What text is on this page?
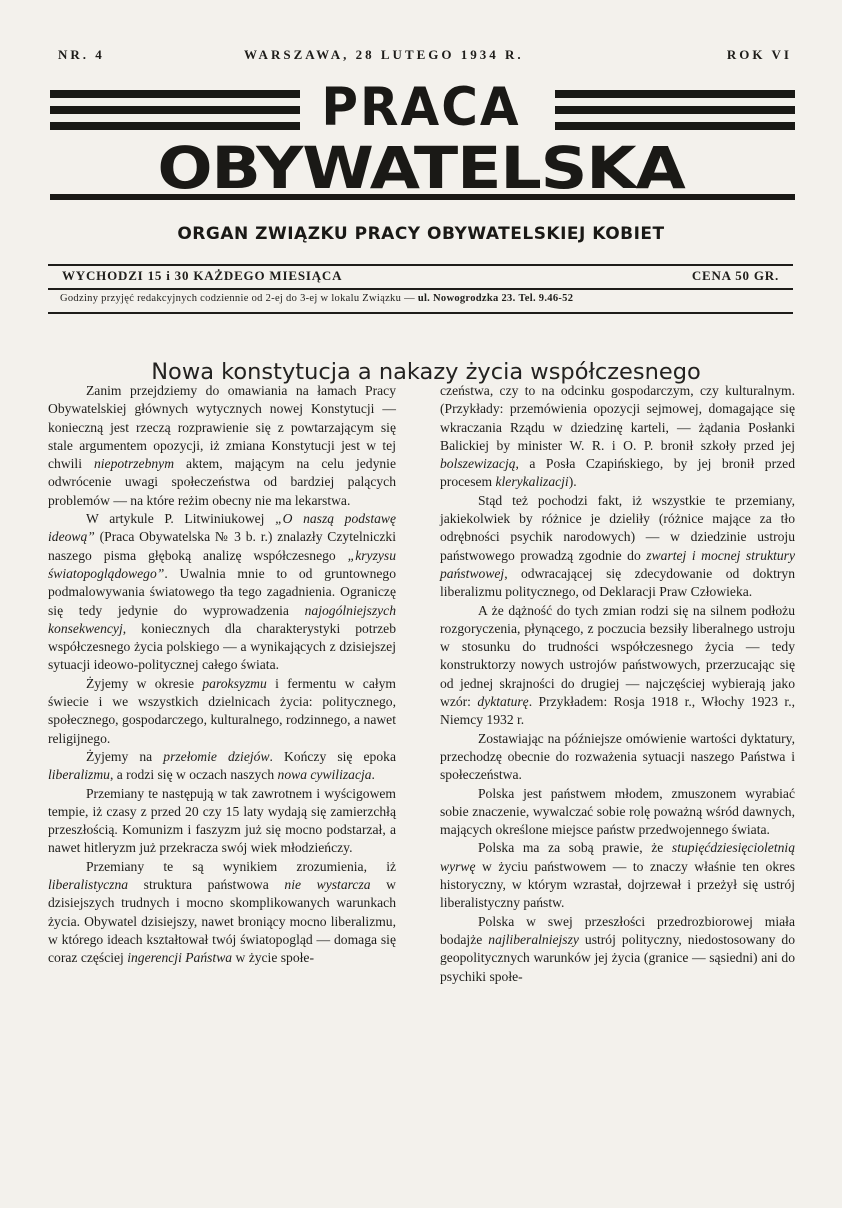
NR. 4	WARSZAWA, 28 LUTEGO 1934 R.	ROK VI
PRACA
OBYWATELSKA
ORGAN ZWIĄZKU PRACY OBYWATELSKIEJ KOBIET
WYCHODZI 15 i 30 KAŻDEGO MIESIĄCA	CENA 50 GR.
Godziny przyjęć redakcyjnych codziennie od 2-ej do 3-ej w lokalu Związku — ul. Nowogrodzka 23. Tel. 9.46-52
Nowa konstytucja a nakazy życia współczesnego

Zanim przejdziemy do omawiania na łamach Pracy Obywatelskiej głównych wytycznych nowej Konstytucji — konieczną jest rzeczą rozprawienie się z powtarzającym się stale argumentem opozycji, iż zmiana Konstytucji jest w tej chwili niepotrzebnym aktem, mającym na celu jedynie odwrócenie uwagi społeczeństwa od bardziej palących problemów — na które reżim obecny nie ma lekarstwa.

W artykule P. Litwiniukowej „O naszą podstawę ideową” (Praca Obywatelska № 3 b. r.) znalazły Czytelniczki naszego pisma głęboką analizę współczesnego „kryzysu światopoglądowego”. Uwalnia mnie to od gruntownego podmalowywania światowego tła tego zagadnienia. Ograniczę się tedy jedynie do wyprowadzenia najogólniejszych konsekwencyj, koniecznych dla charakterystyki potrzeb współczesnego życia polskiego — a wynikających z dzisiejszej sytuacji ideowo-politycznej całego świata.

Żyjemy w okresie paroksyzmu i fermentu w całym świecie i we wszystkich dzielnicach życia: politycznego, społecznego, gospodarczego, kulturalnego, rodzinnego, a nawet religijnego.

Żyjemy na przełomie dziejów. Kończy się epoka liberalizmu, a rodzi się w oczach naszych nowa cywilizacja.

Przemiany te następują w tak zawrotnem i wyścigowem tempie, iż czasy z przed 20 czy 15 laty wydają się zamierzchłą przeszłością. Komunizm i faszyzm już się mocno podstarzał, a nawet hitleryzm już przekracza swój wiek młodzieńczy.

Przemiany te są wynikiem zrozumienia, iż liberalistyczna struktura państwowa nie wystarcza w dzisiejszych trudnych i mocno skomplikowanych warunkach życia. Obywatel dzisiejszy, nawet broniący mocno liberalizmu, w którego ideach kształtował twój światopogląd — domaga się coraz częściej ingerencji Państwa w życie społe-

czeństwa, czy to na odcinku gospodarczym, czy kulturalnym. (Przykłady: przemówienia opozycji sejmowej, domagające się wkraczania Rządu w dziedzinę karteli, — żądania Posłanki Balickiej by minister W. R. i O. P. bronił szkoły przed jej bolszewizacją, a Posła Czapińskiego, by jej bronił przed procesem klerykalizacji).

Stąd też pochodzi fakt, iż wszystkie te przemiany, jakiekolwiek by różnice je dzieliły (różnice mające za tło odrębności psychik narodowych) — w dziedzinie ustroju państwowego prowadzą zgodnie do zwartej i mocnej struktury państwowej, odwracającej się zdecydowanie od doktryn liberalizmu politycznego, od Deklaracji Praw Człowieka.

A że dążność do tych zmian rodzi się na silnem podłożu rozgoryczenia, płynącego, z poczucia bezsiły liberalnego ustroju w stosunku do trudności współczesnego życia — tedy konstruktorzy nowych ustrojów państwowych, przerzucając się od jednej skrajności do drugiej — najczęściej wybierają jako wzór: dyktaturę. Przykładem: Rosja 1918 r., Włochy 1923 r., Niemcy 1932 r.

Zostawiając na późniejsze omówienie wartości dyktatury, przechodzę obecnie do rozważenia sytuacji naszego Państwa i społeczeństwa.

Polska jest państwem młodem, zmuszonem wyrabiać sobie znaczenie, wywalczać sobie rolę poważną wśród dawnych, mających określone miejsce państw przedwojennego świata.

Polska ma za sobą prawie, że stupięćdziesięcioletnią wyrwę w życiu państwowem — to znaczy właśnie ten okres historyczny, w którym wzrastał, dojrzewał i przeżył się ustrój liberalistyczny państw.

Polska w swej przeszłości przedrozbiorowej miała bodajże najliberalniejszy ustrój polityczny, niedostosowany do geopolitycznych warunków jej życia (granice — sąsiedni) ani do psychiki społe-
